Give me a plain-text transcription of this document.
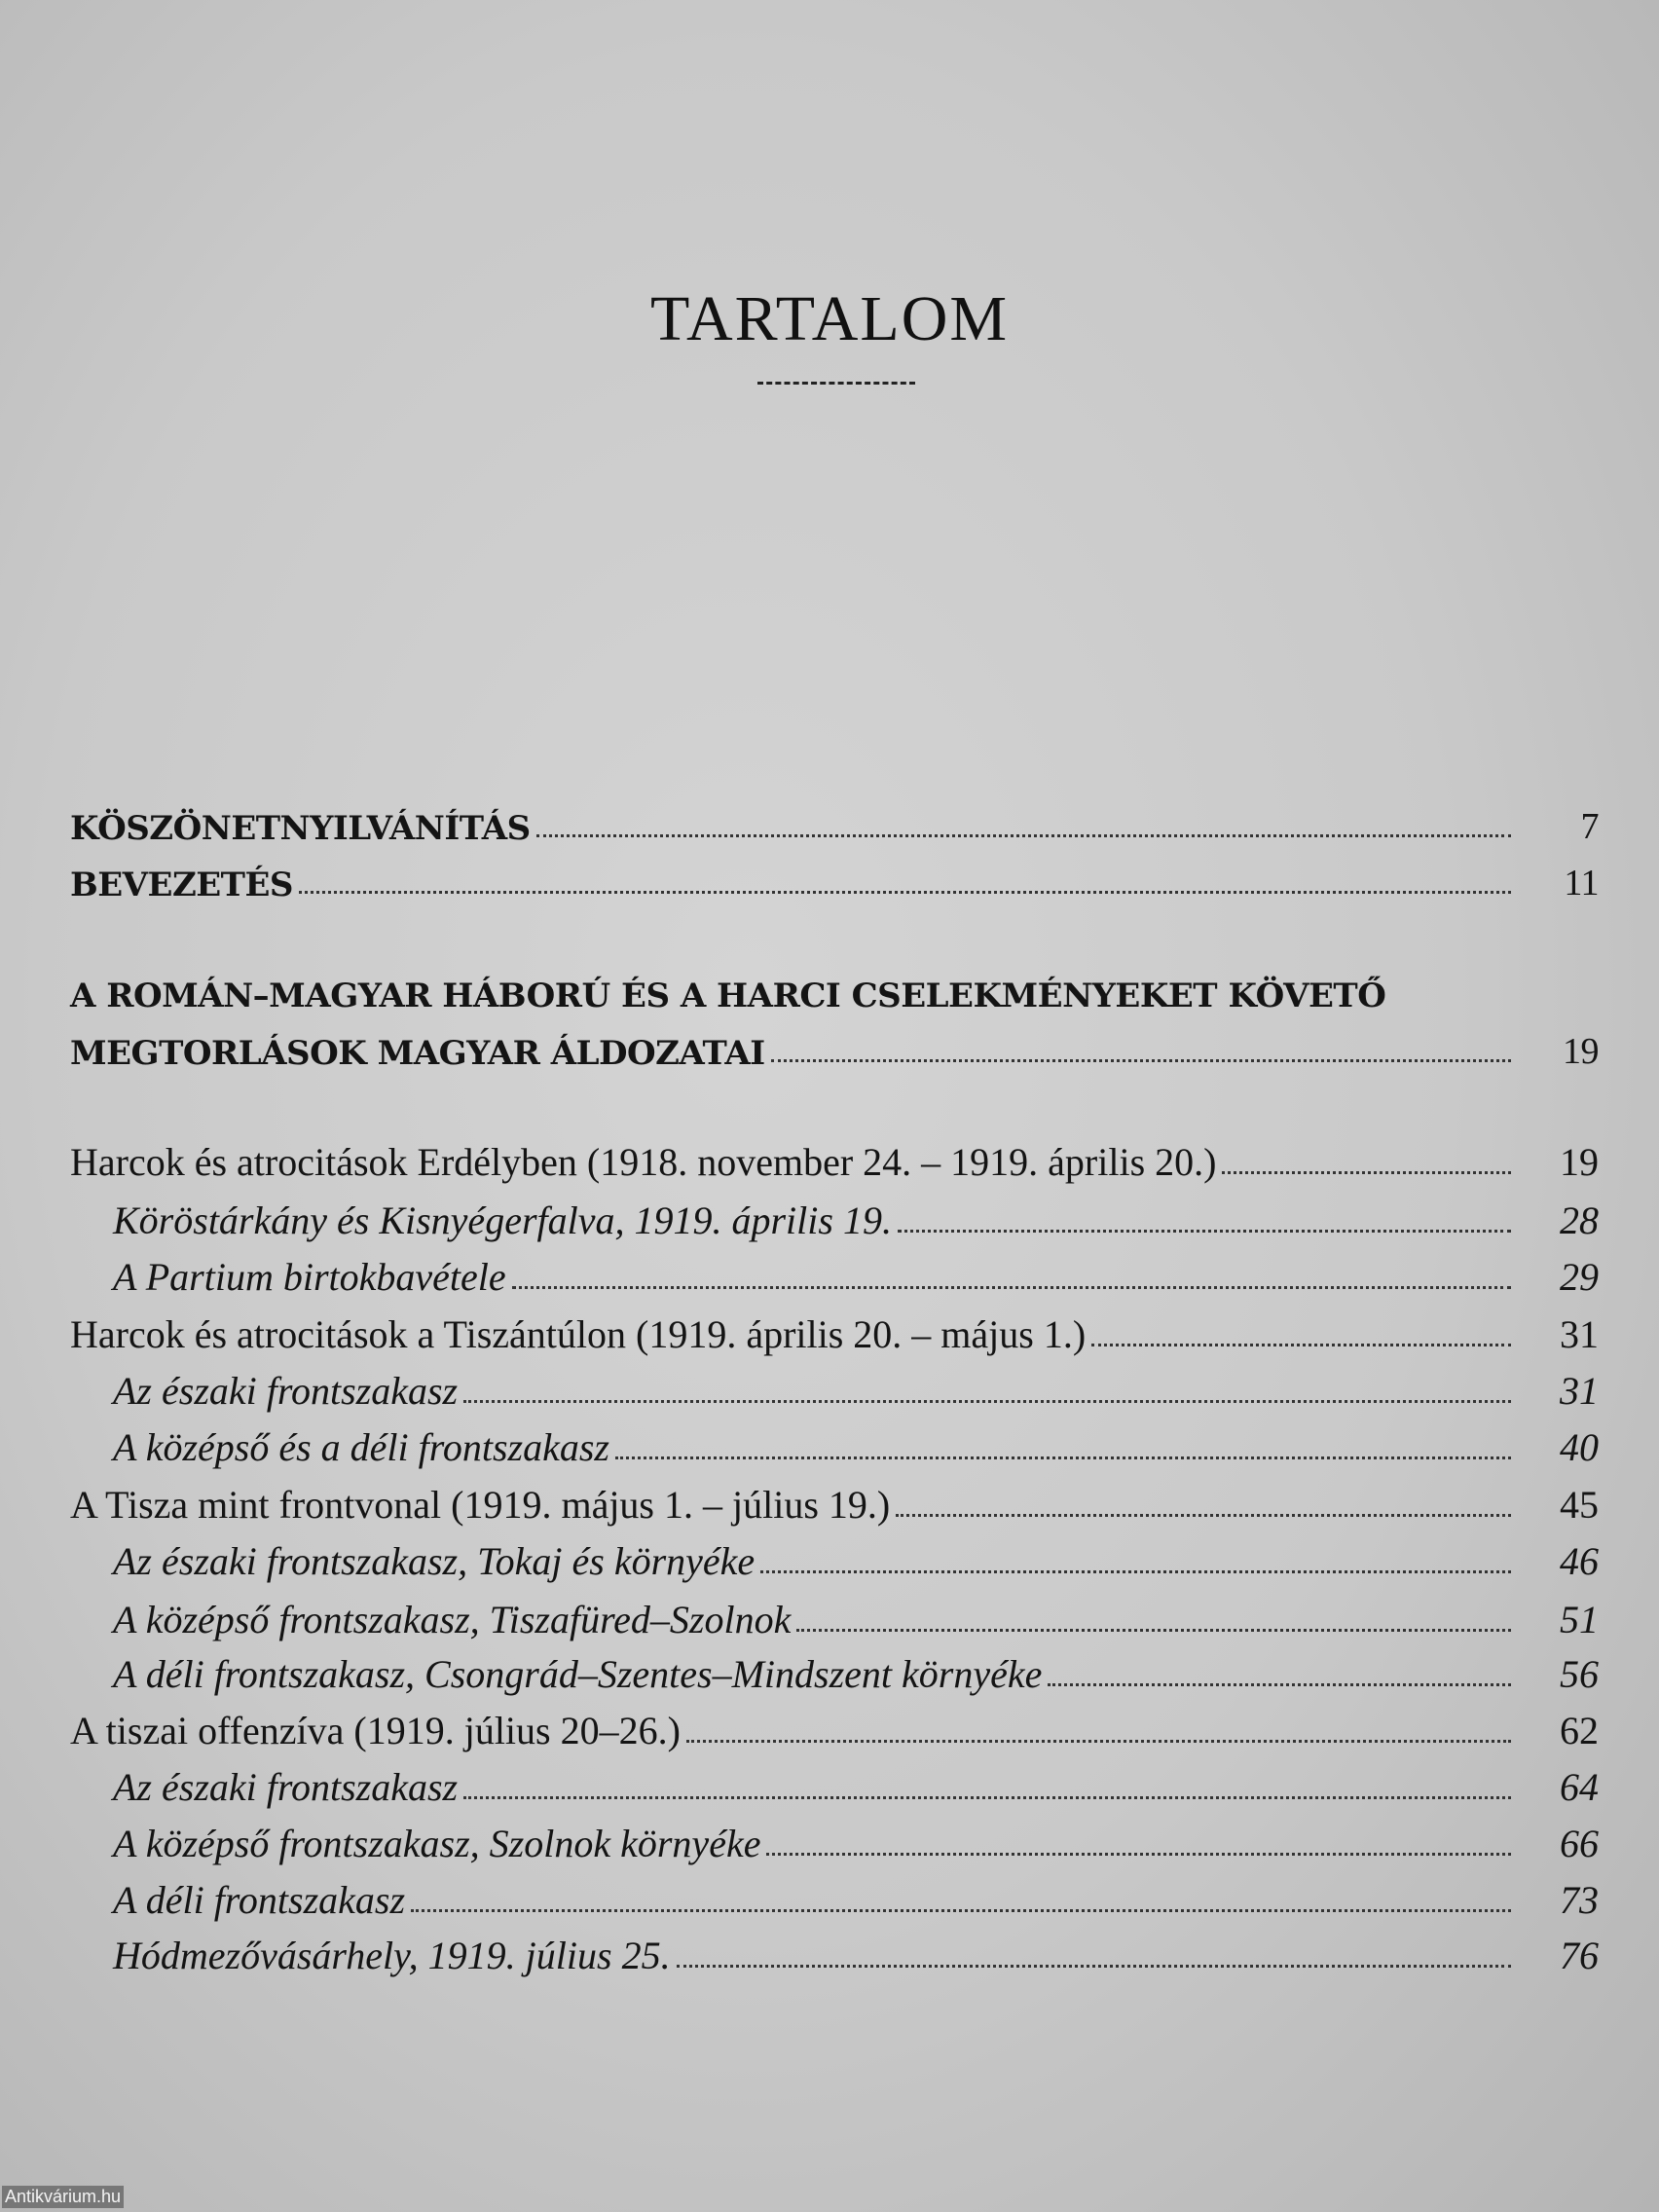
TARTALOM
KÖSZÖNETNYILVÁNÍTÁS	7
BEVEZETÉS	11
A ROMÁN–MAGYAR HÁBORÚ ÉS A HARCI CSELEKMÉNYEKET KÖVETŐ
MEGTORLÁSOK MAGYAR ÁLDOZATAI	19
Harcok és atrocitások Erdélyben (1918. november 24. – 1919. április 20.)	19
Köröstárkány és Kisnyégerfalva, 1919. április 19.	28
A Partium birtokbavétele	29
Harcok és atrocitások a Tiszántúlon (1919. április 20. – május 1.)	31
Az északi frontszakasz	31
A középső és a déli frontszakasz	40
A Tisza mint frontvonal (1919. május 1. – július 19.)	45
Az északi frontszakasz, Tokaj és környéke	46
A középső frontszakasz, Tiszafüred–Szolnok	51
A déli frontszakasz, Csongrád–Szentes–Mindszent környéke	56
A tiszai offenzíva (1919. július 20–26.)	62
Az északi frontszakasz	64
A középső frontszakasz, Szolnok környéke	66
A déli frontszakasz	73
Hódmezővásárhely, 1919. július 25.	76
Antikvárium.hu
